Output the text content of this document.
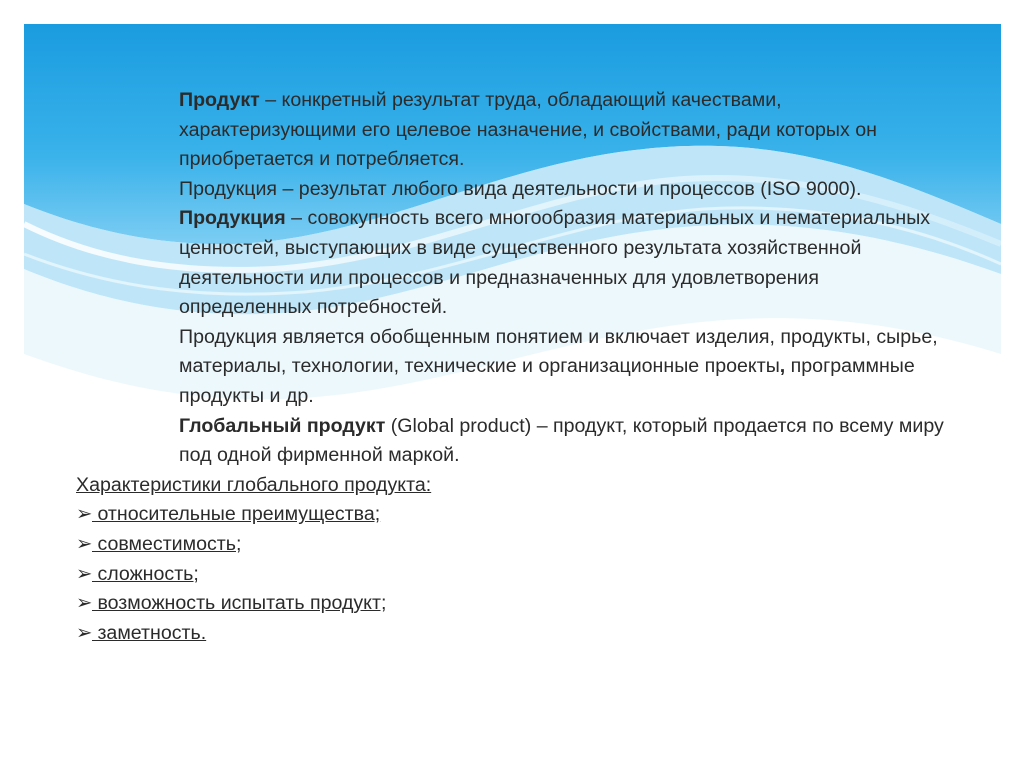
Продукт – конкретный результат труда, обладающий качествами, характеризующими его целевое назначение, и свойствами, ради которых он приобретается и потребляется.

Продукция – результат любого вида деятельности и процессов (ISO 9000).

Продукция – совокупность всего многообразия материальных и нематериальных ценностей, выступающих в виде существенного результата хозяйственной деятельности или процессов и предназначенных для удовлетворения определенных потребностей.

Продукция является обобщенным понятием и включает изделия, продукты, сырье, материалы, технологии, технические и организационные проекты, программные продукты и др.

Глобальный продукт (Global product) – продукт, который продается по всему миру под одной фирменной маркой.

Характеристики глобального продукта:

➢ относительные преимущества;
➢ совместимость;
➢ сложность;
➢ возможность испытать продукт;
➢ заметность.
